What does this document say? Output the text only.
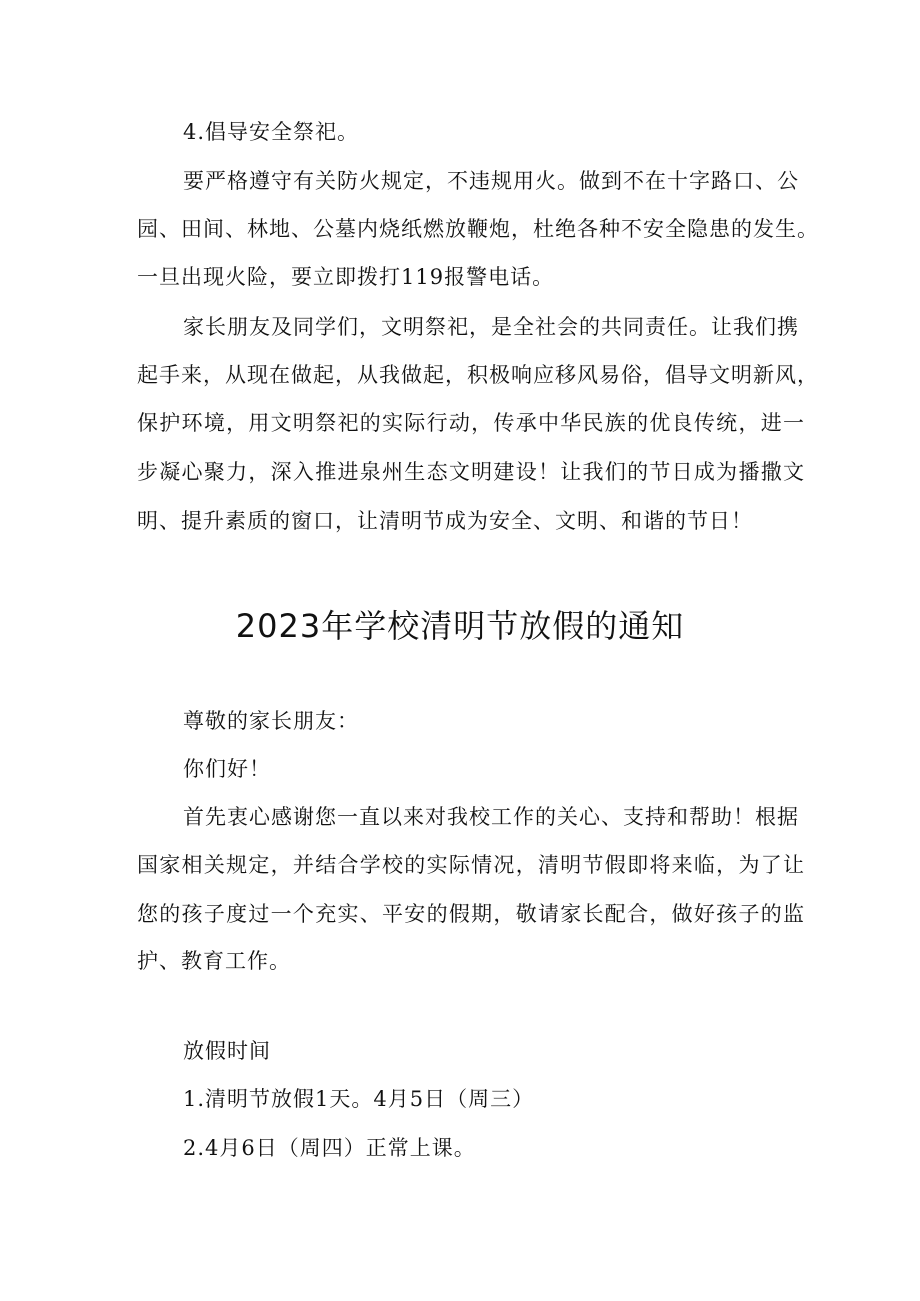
4.倡导安全祭祀。
要严格遵守有关防火规定，不违规用火。做到不在十字路口、公
园、田间、林地、公墓内烧纸燃放鞭炮，杜绝各种不安全隐患的发生。
一旦出现火险，要立即拨打119报警电话。
家长朋友及同学们，文明祭祀，是全社会的共同责任。让我们携
起手来，从现在做起，从我做起，积极响应移风易俗，倡导文明新风，
保护环境，用文明祭祀的实际行动，传承中华民族的优良传统，进一
步凝心聚力，深入推进泉州生态文明建设！让我们的节日成为播撒文
明、提升素质的窗口，让清明节成为安全、文明、和谐的节日！
2023年学校清明节放假的通知
尊敬的家长朋友：
你们好！
首先衷心感谢您一直以来对我校工作的关心、支持和帮助！根据
国家相关规定，并结合学校的实际情况，清明节假即将来临，为了让
您的孩子度过一个充实、平安的假期，敬请家长配合，做好孩子的监
护、教育工作。
放假时间
1.清明节放假1天。4月5日（周三）
2.4月6日（周四）正常上课。
